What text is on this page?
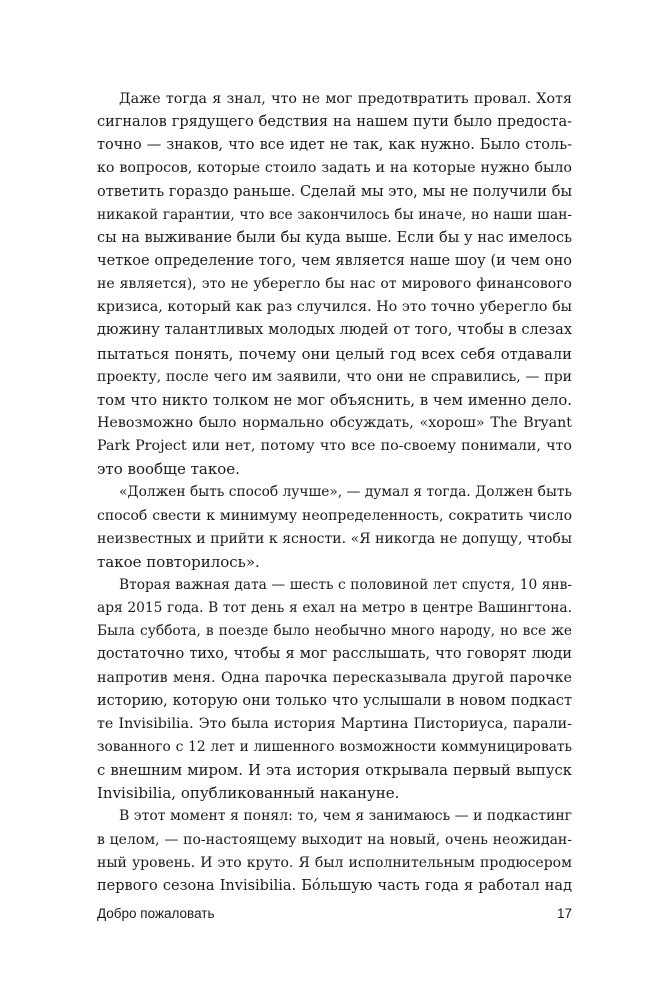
Даже тогда я знал, что не мог предотвратить провал. Хотя
сигналов грядущего бедствия на нашем пути было предоста-
точно — знаков, что все идет не так, как нужно. Было столь-
ко вопросов, которые стоило задать и на которые нужно было
ответить гораздо раньше. Сделай мы это, мы не получили бы
никакой гарантии, что все закончилось бы иначе, но наши шан-
сы на выживание были бы куда выше. Если бы у нас имелось
четкое определение того, чем является наше шоу (и чем оно
не является), это не уберегло бы нас от мирового финансового
кризиса, который как раз случился. Но это точно уберегло бы
дюжину талантливых молодых людей от того, чтобы в слезах
пытаться понять, почему они целый год всех себя отдавали
проекту, после чего им заявили, что они не справились, — при
том что никто толком не мог объяснить, в чем именно дело.
Невозможно было нормально обсуждать, «хорош» The Bryant
Park Project или нет, потому что все по-своему понимали, что
это вообще такое.
«Должен быть способ лучше», — думал я тогда. Должен быть
способ свести к минимуму неопределенность, сократить число
неизвестных и прийти к ясности. «Я никогда не допущу, чтобы
такое повторилось».
Вторая важная дата — шесть с половиной лет спустя, 10 янв-
аря 2015 года. В тот день я ехал на метро в центре Вашингтона.
Была суббота, в поезде было необычно много народу, но все же
достаточно тихо, чтобы я мог расслышать, что говорят люди
напротив меня. Одна парочка пересказывала другой парочке
историю, которую они только что услышали в новом подкаст
те Invisibilia. Это была история Мартина Писториуса, парали-
зованного с 12 лет и лишенного возможности коммуницировать
с внешним миром. И эта история открывала первый выпуск
Invisibilia, опубликованный накануне.
В этот момент я понял: то, чем я занимаюсь — и подкастинг
в целом, — по-настоящему выходит на новый, очень неожидан-
ный уровень. И это круто. Я был исполнительным продюсером
первого сезона Invisibilia. Бóльшую часть года я работал над
Добро пожаловать	17
